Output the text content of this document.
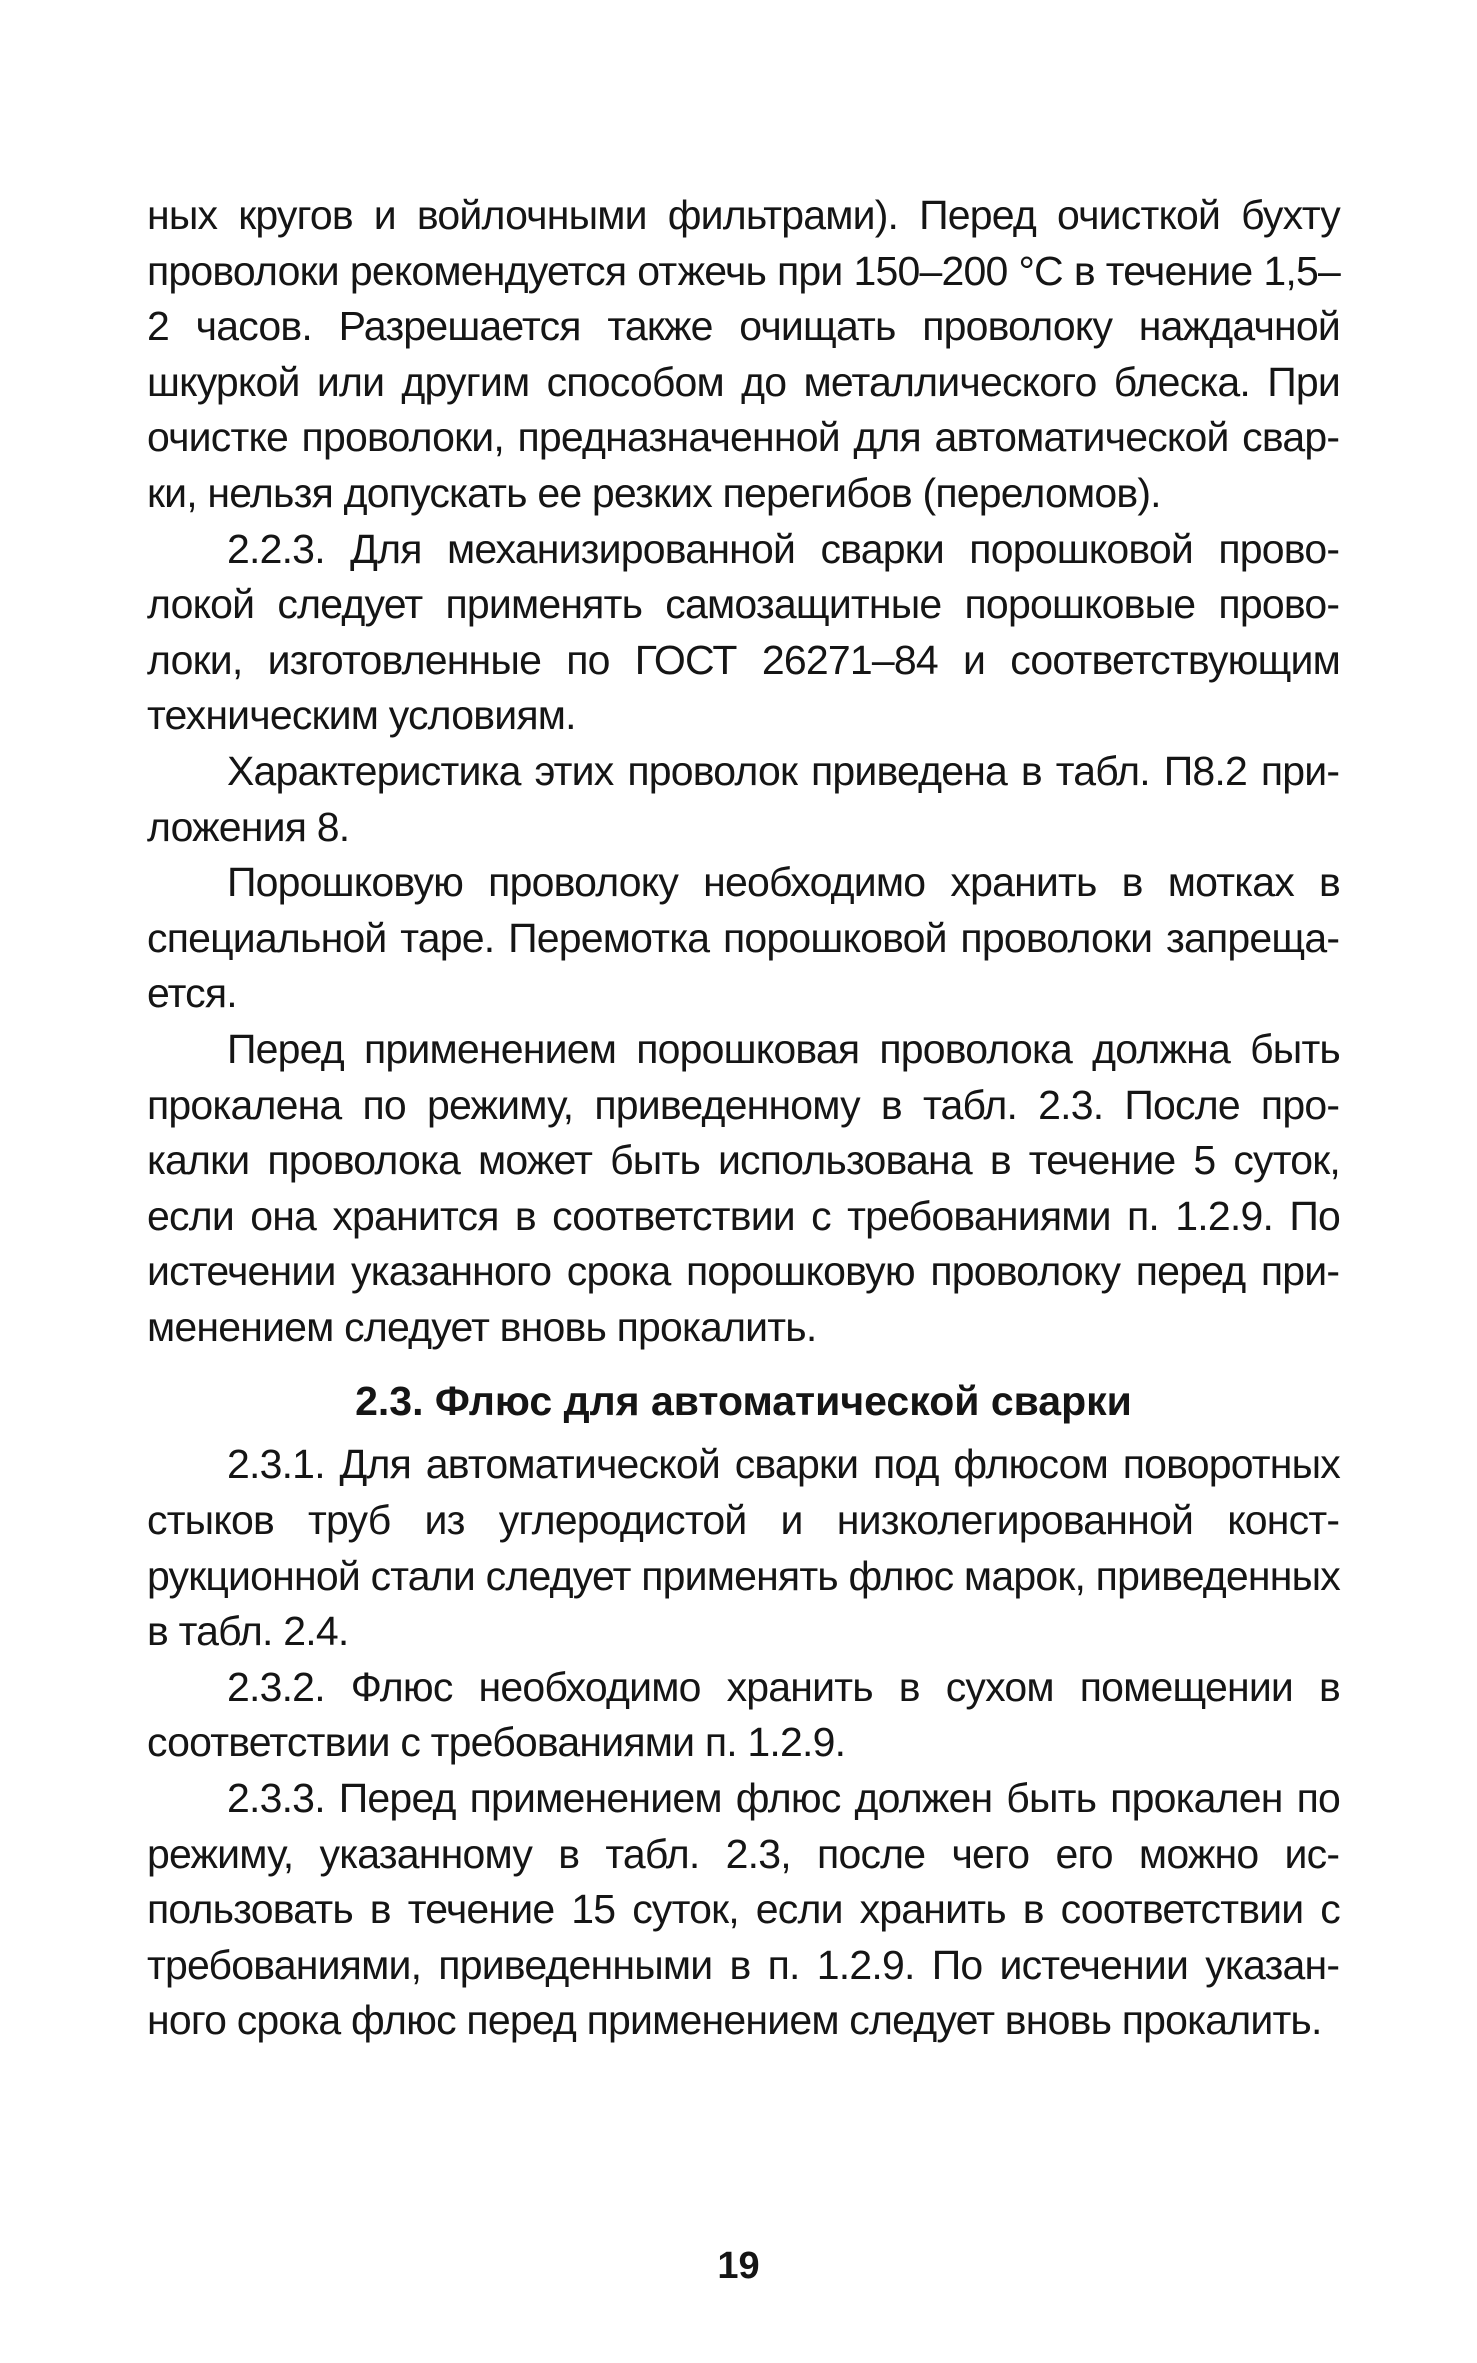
ных кругов и войлочными фильтрами). Перед очисткой бухту проволоки рекомендуется отжечь при 150–200 °С в течение 1,5–2 часов. Разрешается также очищать проволоку наждачной шкуркой или другим способом до металлического блеска. При очистке проволоки, предназначенной для автоматической сварки, нельзя допускать ее резких перегибов (переломов).

2.2.3. Для механизированной сварки порошковой проволокой следует применять самозащитные порошковые проволоки, изготовленные по ГОСТ 26271–84 и соответствующим техническим условиям.

Характеристика этих проволок приведена в табл. П8.2 приложения 8.

Порошковую проволоку необходимо хранить в мотках в специальной таре. Перемотка порошковой проволоки запрещается.

Перед применением порошковая проволока должна быть прокалена по режиму, приведенному в табл. 2.3. После прокалки проволока может быть использована в течение 5 суток, если она хранится в соответствии с требованиями п. 1.2.9. По истечении указанного срока порошковую проволоку перед применением следует вновь прокалить.

2.3. Флюс для автоматической сварки

2.3.1. Для автоматической сварки под флюсом поворотных стыков труб из углеродистой и низколегированной конструкционной стали следует применять флюс марок, приведенных в табл. 2.4.

2.3.2. Флюс необходимо хранить в сухом помещении в соответствии с требованиями п. 1.2.9.

2.3.3. Перед применением флюс должен быть прокален по режиму, указанному в табл. 2.3, после чего его можно использовать в течение 15 суток, если хранить в соответствии с требованиями, приведенными в п. 1.2.9. По истечении указанного срока флюс перед применением следует вновь прокалить.

19
